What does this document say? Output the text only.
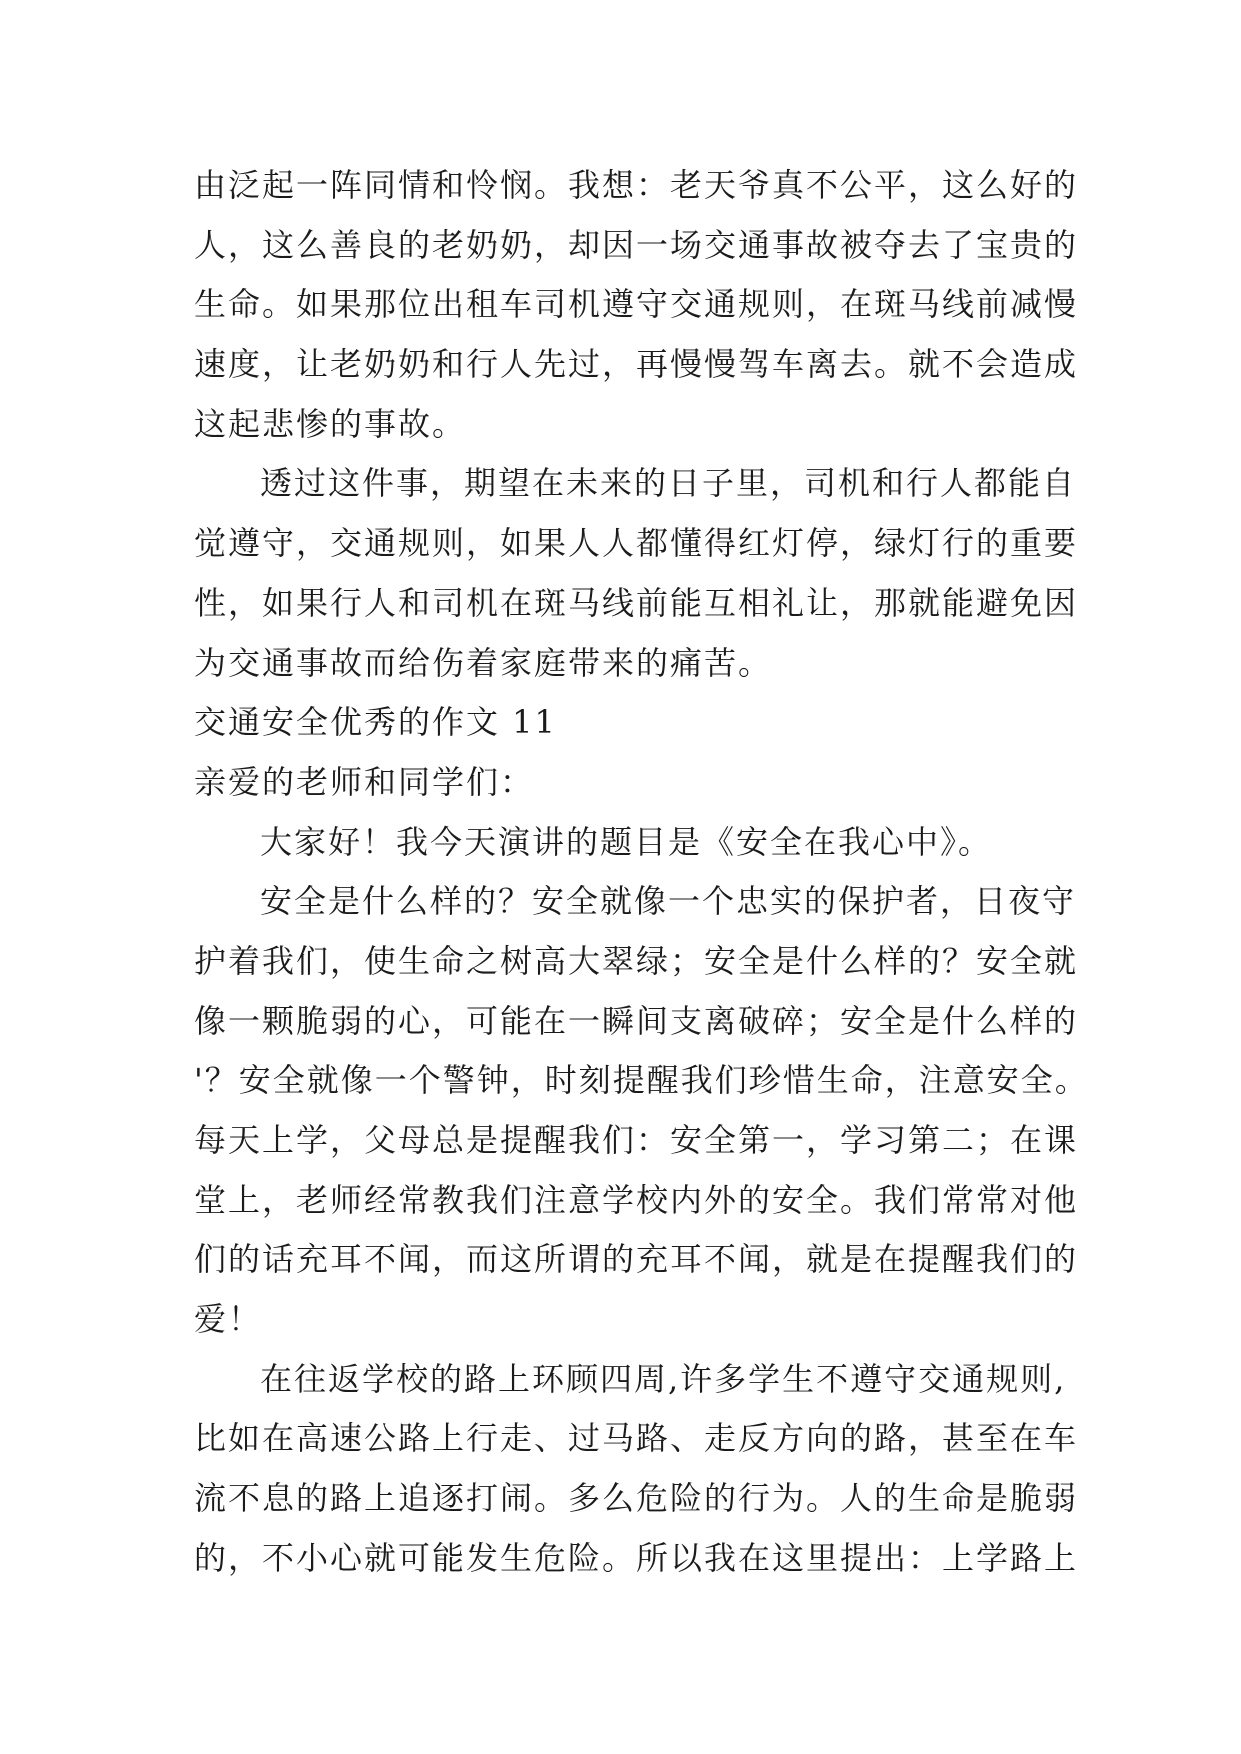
由泛起一阵同情和怜悯。我想：老天爷真不公平，这么好的
人，这么善良的老奶奶，却因一场交通事故被夺去了宝贵的
生命。如果那位出租车司机遵守交通规则，在斑马线前减慢
速度，让老奶奶和行人先过，再慢慢驾车离去。就不会造成
这起悲惨的事故。
透过这件事，期望在未来的日子里，司机和行人都能自
觉遵守，交通规则，如果人人都懂得红灯停，绿灯行的重要
性，如果行人和司机在斑马线前能互相礼让，那就能避免因
为交通事故而给伤着家庭带来的痛苦。
交通安全优秀的作文 11
亲爱的老师和同学们：
大家好！我今天演讲的题目是《安全在我心中》。
安全是什么样的？安全就像一个忠实的保护者，日夜守
护着我们，使生命之树高大翠绿；安全是什么样的？安全就
像一颗脆弱的心，可能在一瞬间支离破碎；安全是什么样的
'？安全就像一个警钟，时刻提醒我们珍惜生命，注意安全。
每天上学，父母总是提醒我们：安全第一，学习第二；在课
堂上，老师经常教我们注意学校内外的安全。我们常常对他
们的话充耳不闻，而这所谓的充耳不闻，就是在提醒我们的
爱！
在往返学校的路上环顾四周,许多学生不遵守交通规则,
比如在高速公路上行走、过马路、走反方向的路，甚至在车
流不息的路上追逐打闹。多么危险的行为。人的生命是脆弱
的，不小心就可能发生危险。所以我在这里提出：上学路上
